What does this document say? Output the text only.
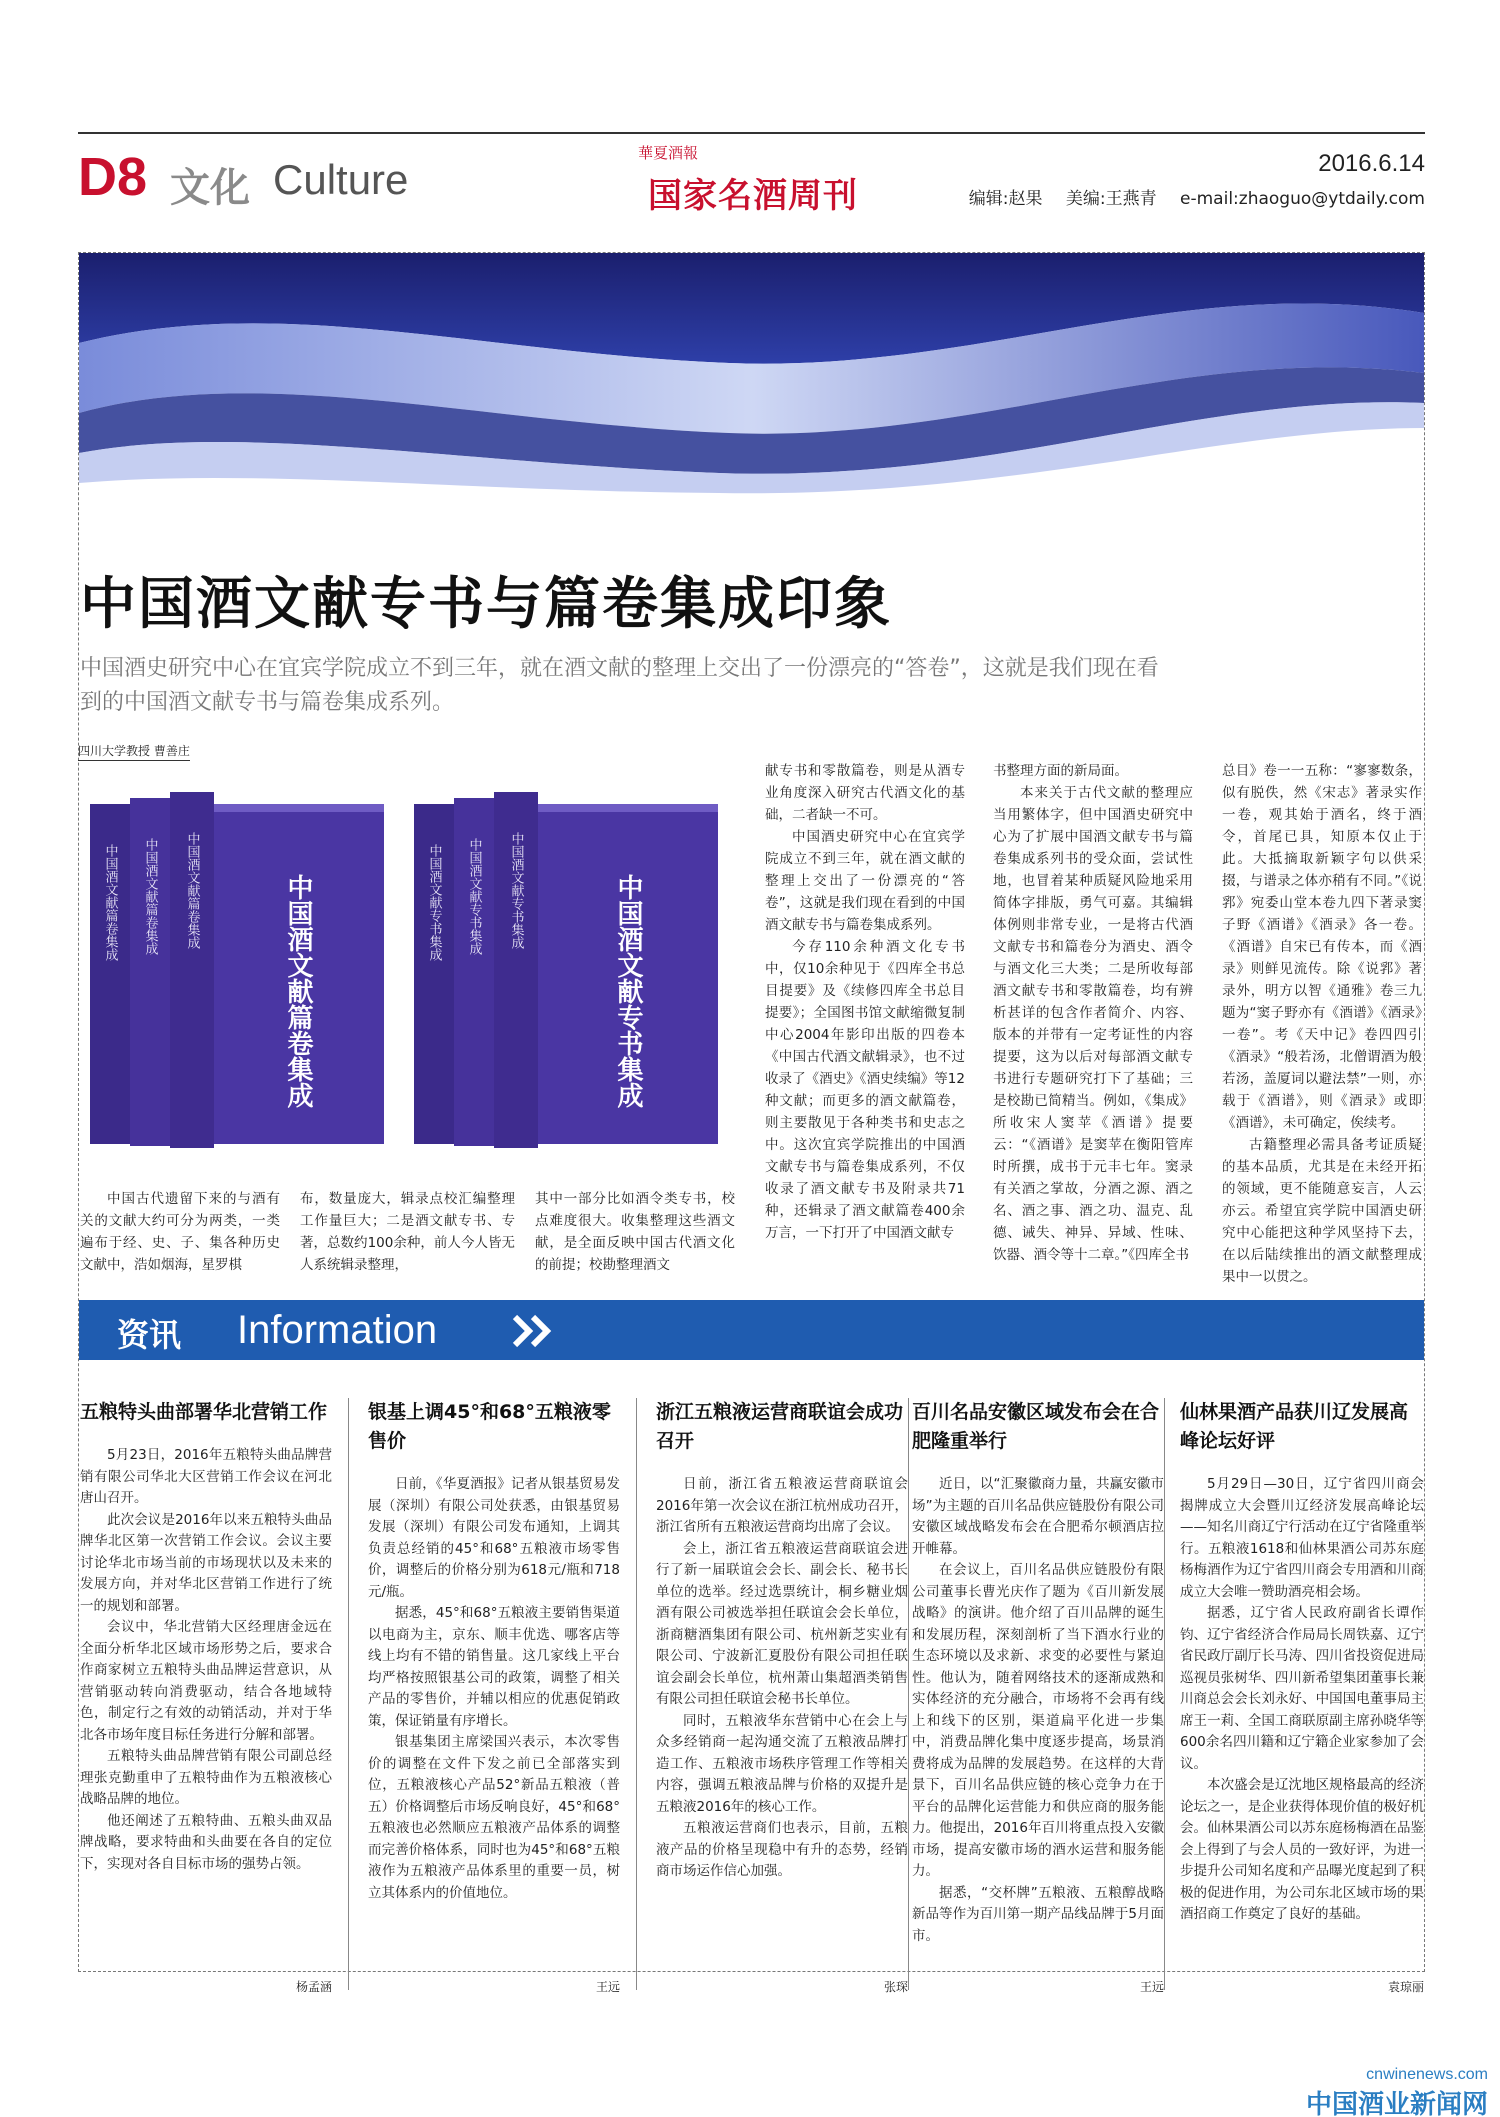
D8 文化 Culture
華夏酒報
国家名酒周刊
2016.6.14
编辑:赵果 美编:王燕青 e-mail:zhaoguo@ytdaily.com
中国酒文献专书与篇卷集成印象
中国酒史研究中心在宜宾学院成立不到三年，就在酒文献的整理上交出了一份漂亮的“答卷”，这就是我们现在看到的中国酒文献专书与篇卷集成系列。
四川大学教授 曹善庄
中国酒文献篇卷集成 中国酒文献篇卷集成 中国酒文献篇卷集成	中国酒文献专书集成 中国酒文献专书集成 中国酒文献专书集成
中国酒文献篇卷集成	中国酒文献专书集成

中国古代遗留下来的与酒有关的文献大约可分为两类，一类遍布于经、史、子、集各种历史文献中，浩如烟海，星罗棋

布，数量庞大，辑录点校汇编整理工作量巨大；二是酒文献专书、专著，总数约100余种，前人今人皆无人系统辑录整理，

其中一部分比如酒令类专书，校点难度很大。收集整理这些酒文献，是全面反映中国古代酒文化的前提；校勘整理酒文

献专书和零散篇卷，则是从酒专业角度深入研究古代酒文化的基础，二者缺一不可。

中国酒史研究中心在宜宾学院成立不到三年，就在酒文献的整理上交出了一份漂亮的“答卷”，这就是我们现在看到的中国酒文献专书与篇卷集成系列。

今存110余种酒文化专书中，仅10余种见于《四库全书总目提要》及《续修四库全书总目提要》；全国图书馆文献缩微复制中心2004年影印出版的四卷本《中国古代酒文献辑录》，也不过收录了《酒史》《酒史续编》等12种文献；而更多的酒文献篇卷，则主要散见于各种类书和史志之中。这次宜宾学院推出的中国酒文献专书与篇卷集成系列，不仅收录了酒文献专书及附录共71种，还辑录了酒文献篇卷400余万言，一下打开了中国酒文献专

书整理方面的新局面。

本来关于古代文献的整理应当用繁体字，但中国酒史研究中心为了扩展中国酒文献专书与篇卷集成系列书的受众面，尝试性地，也冒着某种质疑风险地采用简体字排版，勇气可嘉。其编辑体例则非常专业，一是将古代酒文献专书和篇卷分为酒史、酒令与酒文化三大类；二是所收每部酒文献专书和零散篇卷，均有辨析甚详的包含作者简介、内容、版本的并带有一定考证性的内容提要，这为以后对每部酒文献专书进行专题研究打下了基础；三是校勘已简精当。例如，《集成》所收宋人窦苹《酒谱》提要云：“《酒谱》是窦苹在衡阳管库时所撰，成书于元丰七年。窦录有关酒之掌故，分酒之源、酒之名、酒之事、酒之功、温克、乱德、诫失、神异、异域、性味、饮器、酒令等十二章。”《四库全书

总目》卷一一五称：“寥寥数条，似有脱佚，然《宋志》著录实作一卷，观其始于酒名，终于酒令，首尾已具，知原本仅止于此。大抵摘取新颖字句以供采掇，与谱录之体亦稍有不同。”《说郛》宛委山堂本卷九四下著录窦子野《酒谱》《酒录》各一卷。《酒谱》自宋已有传本，而《酒录》则鲜见流传。除《说郛》著录外，明方以智《通雅》卷三九题为“窦子野亦有《酒谱》《酒录》一卷”。考《天中记》卷四四引《酒录》“般若汤，北僧谓酒为般若汤，盖厦词以避法禁”一则，亦载于《酒谱》，则《酒录》或即《酒谱》，未可确定，俟续考。

古籍整理必需具备考证质疑的基本品质，尤其是在未经开拓的领域，更不能随意妄言，人云亦云。希望宜宾学院中国酒史研究中心能把这种学风坚持下去，在以后陆续推出的酒文献整理成果中一以贯之。

资讯 Information
五粮特头曲部署华北营销工作

5月23日，2016年五粮特头曲品牌营销有限公司华北大区营销工作会议在河北唐山召开。

此次会议是2016年以来五粮特头曲品牌华北区第一次营销工作会议。会议主要讨论华北市场当前的市场现状以及未来的发展方向，并对华北区营销工作进行了统一的规划和部署。

会议中，华北营销大区经理唐金远在全面分析华北区域市场形势之后，要求合作商家树立五粮特头曲品牌运营意识，从营销驱动转向消费驱动，结合各地域特色，制定行之有效的动销活动，并对于华北各市场年度目标任务进行分解和部署。

五粮特头曲品牌营销有限公司副总经理张克勤重申了五粮特曲作为五粮液核心战略品牌的地位。

他还阐述了五粮特曲、五粮头曲双品牌战略，要求特曲和头曲要在各自的定位下，实现对各自目标市场的强势占领。

杨孟涵
银基上调45°和68°五粮液零售价

日前，《华夏酒报》记者从银基贸易发展（深圳）有限公司处获悉，由银基贸易发展（深圳）有限公司发布通知，上调其负责总经销的45°和68°五粮液市场零售价，调整后的价格分别为618元/瓶和718元/瓶。

据悉，45°和68°五粮液主要销售渠道以电商为主，京东、顺丰优选、哪客店等线上均有不错的销售量。这几家线上平台均严格按照银基公司的政策，调整了相关产品的零售价，并辅以相应的优惠促销政策，保证销量有序增长。

银基集团主席梁国兴表示，本次零售价的调整在文件下发之前已全部落实到位，五粮液核心产品52°新品五粮液（普五）价格调整后市场反响良好，45°和68°五粮液也必然顺应五粮液产品体系的调整而完善价格体系，同时也为45°和68°五粮液作为五粮液产品体系里的重要一员，树立其体系内的价值地位。

王远
浙江五粮液运营商联谊会成功召开

日前，浙江省五粮液运营商联谊会2016年第一次会议在浙江杭州成功召开，浙江省所有五粮液运营商均出席了会议。

会上，浙江省五粮液运营商联谊会进行了新一届联谊会会长、副会长、秘书长单位的选举。经过选票统计，桐乡糖业烟酒有限公司被选举担任联谊会会长单位，浙商糖酒集团有限公司、杭州新芝实业有限公司、宁波新汇夏股份有限公司担任联谊会副会长单位，杭州萧山集超酒类销售有限公司担任联谊会秘书长单位。

同时，五粮液华东营销中心在会上与众多经销商一起沟通交流了五粮液品牌打造工作、五粮液市场秩序管理工作等相关内容，强调五粮液品牌与价格的双提升是五粮液2016年的核心工作。

五粮液运营商们也表示，目前，五粮液产品的价格呈现稳中有升的态势，经销商市场运作信心加强。

张琛
百川名品安徽区域发布会在合肥隆重举行

近日，以“汇聚徽商力量，共赢安徽市场”为主题的百川名品供应链股份有限公司安徽区域战略发布会在合肥希尔顿酒店拉开帷幕。

在会议上，百川名品供应链股份有限公司董事长曹光庆作了题为《百川新发展战略》的演讲。他介绍了百川品牌的诞生和发展历程，深刻剖析了当下酒水行业的生态环境以及求新、求变的必要性与紧迫性。他认为，随着网络技术的逐渐成熟和实体经济的充分融合，市场将不会再有线上和线下的区别，渠道扁平化进一步集中，消费品牌化集中度逐步提高，场景消费将成为品牌的发展趋势。在这样的大背景下，百川名品供应链的核心竞争力在于平台的品牌化运营能力和供应商的服务能力。他提出，2016年百川将重点投入安徽市场，提高安徽市场的酒水运营和服务能力。

据悉，“交杯牌”五粮液、五粮醇战略新品等作为百川第一期产品线品牌于5月面市。

王远
仙林果酒产品获川辽发展高峰论坛好评

5月29日—30日，辽宁省四川商会揭牌成立大会暨川辽经济发展高峰论坛——知名川商辽宁行活动在辽宁省隆重举行。五粮液1618和仙林果酒公司苏东庭杨梅酒作为辽宁省四川商会专用酒和川商成立大会唯一赞助酒亮相会场。

据悉，辽宁省人民政府副省长谭作钧、辽宁省经济合作局局长周铁嘉、辽宁省民政厅副厅长马涛、四川省投资促进局巡视员张树华、四川新希望集团董事长兼川商总会会长刘永好、中国国电董事局主席王一莉、全国工商联原副主席孙晓华等600余名四川籍和辽宁籍企业家参加了会议。

本次盛会是辽沈地区规格最高的经济论坛之一，是企业获得体现价值的极好机会。仙林果酒公司以苏东庭杨梅酒在品鉴会上得到了与会人员的一致好评，为进一步提升公司知名度和产品曝光度起到了积极的促进作用，为公司东北区域市场的果酒招商工作奠定了良好的基础。

袁琼丽
cnwinenews.com
中国酒业新闻网
